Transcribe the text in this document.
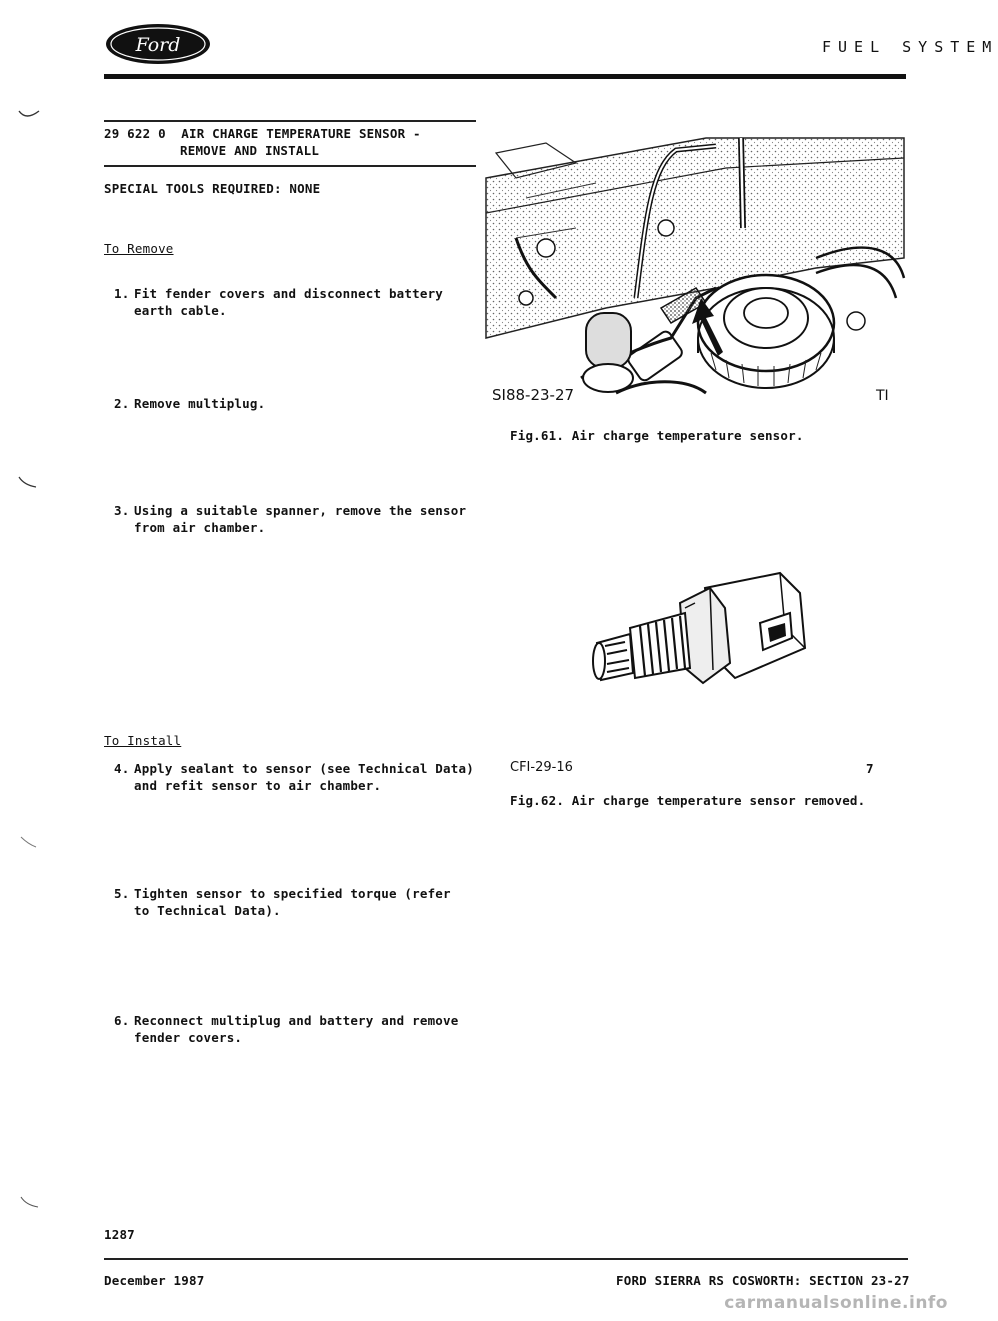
Ford	FUEL SYSTEM
29 622 0 AIR CHARGE TEMPERATURE SENSOR -
REMOVE AND INSTALL
SPECIAL TOOLS REQUIRED: NONE
To Remove
1. Fit fender covers and disconnect battery
earth cable.
2. Remove multiplug.
3. Using a suitable spanner, remove the sensor
from air chamber.
To Install
4. Apply sealant to sensor (see Technical Data)
and refit sensor to air chamber.
5. Tighten sensor to specified torque (refer
to Technical Data).
6. Reconnect multiplug and battery and remove
fender covers.
SI88-23-27	TI
Fig.61. Air charge temperature sensor.
CFI-29-16	7
Fig.62. Air charge temperature sensor removed.
1287
December 1987	FORD SIERRA RS COSWORTH: SECTION 23-27
carmanualsonline.info
